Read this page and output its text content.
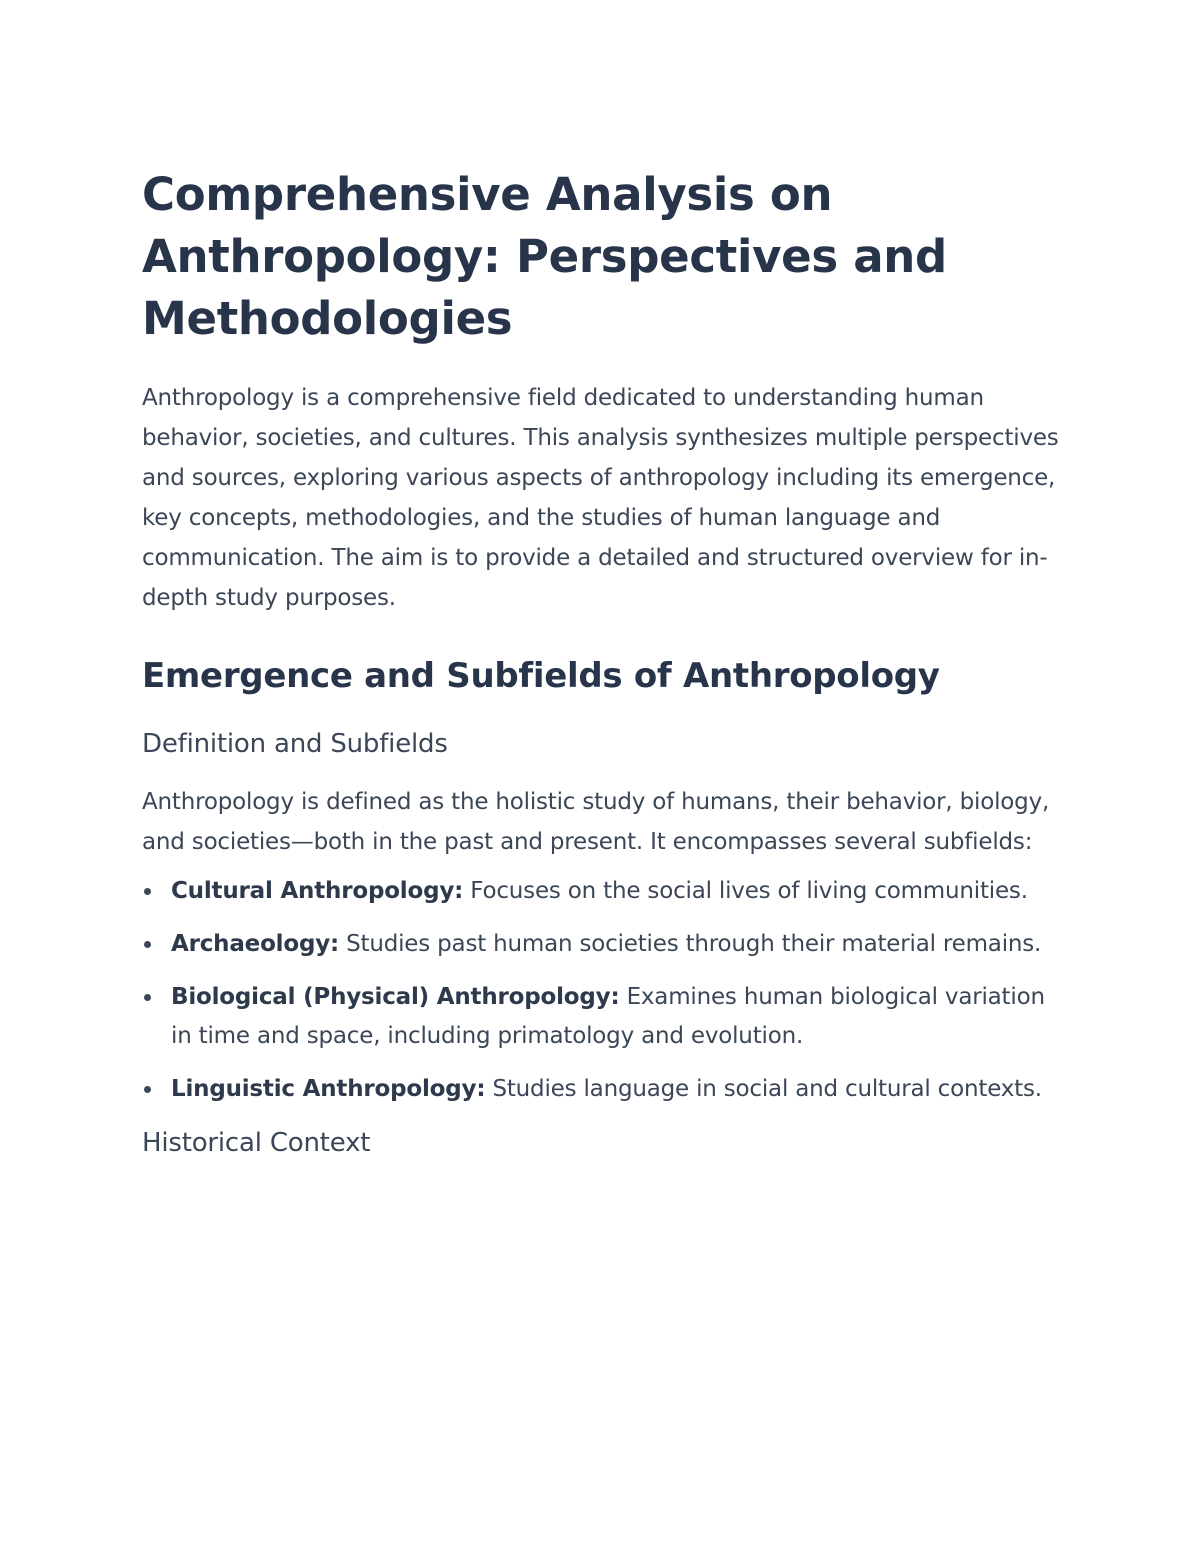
Comprehensive Analysis on Anthropology: Perspectives and Methodologies

Anthropology is a comprehensive field dedicated to understanding human behavior, societies, and cultures. This analysis synthesizes multiple perspectives and sources, exploring various aspects of anthropology including its emergence, key concepts, methodologies, and the studies of human language and communication. The aim is to provide a detailed and structured overview for in-depth study purposes.

Emergence and Subfields of Anthropology
Definition and Subfields

Anthropology is defined as the holistic study of humans, their behavior, biology, and societies—both in the past and present. It encompasses several subfields:

Cultural Anthropology: Focuses on the social lives of living communities.
Archaeology: Studies past human societies through their material remains.
Biological (Physical) Anthropology: Examines human biological variation in time and space, including primatology and evolution.
Linguistic Anthropology: Studies language in social and cultural contexts.
Historical Context
